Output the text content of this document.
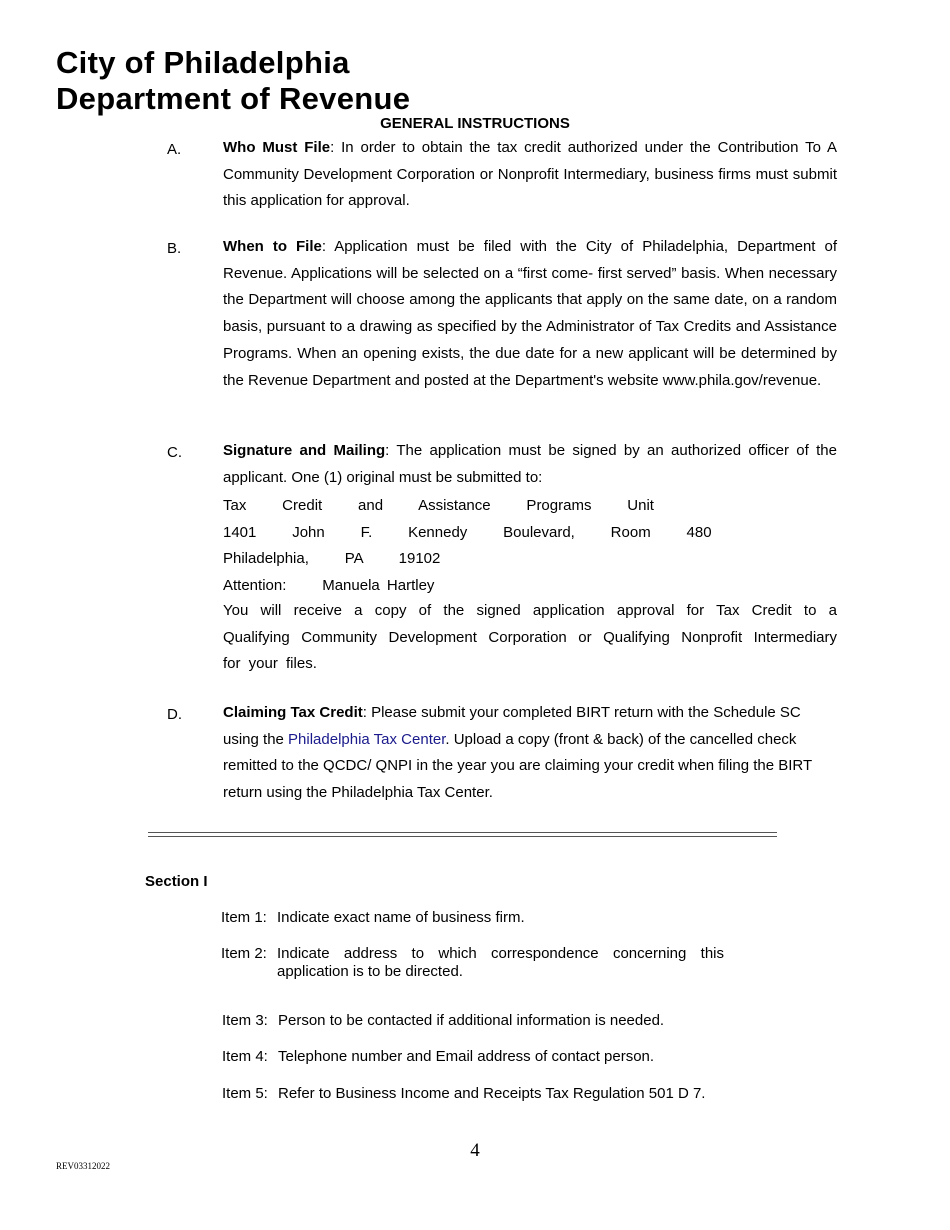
City of Philadelphia
Department of Revenue
GENERAL INSTRUCTIONS
A.	Who Must File: In order to obtain the tax credit authorized under the Contribution To A Community Development Corporation or Nonprofit Intermediary, business firms must submit this application for approval.
B.	When to File: Application must be filed with the City of Philadelphia, Department of Revenue. Applications will be selected on a “first come- first served” basis. When necessary the Department will choose among the applicants that apply on the same date, on a random basis, pursuant to a drawing as specified by the Administrator of Tax Credits and Assistance Programs. When an opening exists, the due date for a new applicant will be determined by the Revenue Department and posted at the Department's website www.phila.gov/revenue.
C.	Signature and Mailing: The application must be signed by an authorized officer of the applicant. One (1) original must be submitted to:
Tax     Credit     and     Assistance     Programs     Unit
1401     John     F.     Kennedy     Boulevard,     Room     480
Philadelphia,     PA     19102
Attention:     Manuela Hartley
You will receive a copy of the signed application approval for Tax Credit to a Qualifying Community Development Corporation or Qualifying Nonprofit Intermediary for your files.
D.	Claiming Tax Credit: Please submit your completed BIRT return with the Schedule SC using the Philadelphia Tax Center. Upload a copy (front & back) of the cancelled check remitted to the QCDC/ QNPI in the year you are claiming your credit when filing the BIRT return using the Philadelphia Tax Center.
Section I
Item 1: Indicate exact name of business firm.
Item 2: Indicate address to which correspondence concerning this application is to be directed.
Item 3: Person to be contacted if additional information is needed.
Item 4: Telephone number and Email address of contact person.
Item 5: Refer to Business Income and Receipts Tax Regulation 501 D 7.
4
REV03312022
